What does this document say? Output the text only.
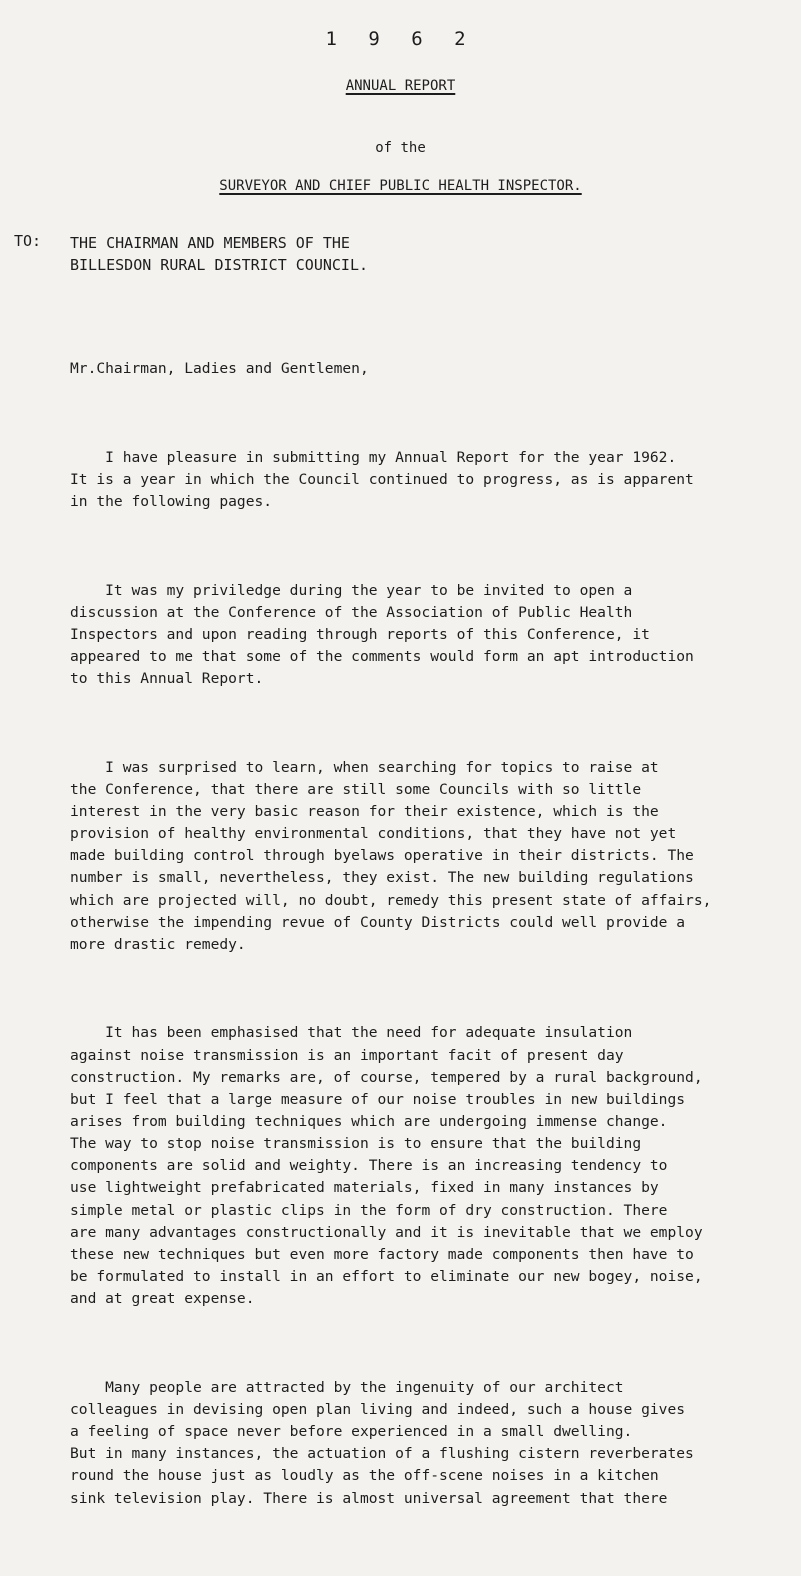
1 9 6 2
ANNUAL REPORT
of the
SURVEYOR AND CHIEF PUBLIC HEALTH INSPECTOR.
TO: THE CHAIRMAN AND MEMBERS OF THE
BILLESDON RURAL DISTRICT COUNCIL.

Mr.Chairman, Ladies and Gentlemen,

I have pleasure in submitting my Annual Report for the year 1962.
It is a year in which the Council continued to progress, as is apparent
in the following pages.

It was my priviledge during the year to be invited to open a
discussion at the Conference of the Association of Public Health
Inspectors and upon reading through reports of this Conference, it
appeared to me that some of the comments would form an apt introduction
to this Annual Report.

I was surprised to learn, when searching for topics to raise at
the Conference, that there are still some Councils with so little
interest in the very basic reason for their existence, which is the
provision of healthy environmental conditions, that they have not yet
made building control through byelaws operative in their districts. The
number is small, nevertheless, they exist. The new building regulations
which are projected will, no doubt, remedy this present state of affairs,
otherwise the impending revue of County Districts could well provide a
more drastic remedy.

It has been emphasised that the need for adequate insulation
against noise transmission is an important facit of present day
construction. My remarks are, of course, tempered by a rural background,
but I feel that a large measure of our noise troubles in new buildings
arises from building techniques which are undergoing immense change.
The way to stop noise transmission is to ensure that the building
components are solid and weighty. There is an increasing tendency to
use lightweight prefabricated materials, fixed in many instances by
simple metal or plastic clips in the form of dry construction. There
are many advantages constructionally and it is inevitable that we employ
these new techniques but even more factory made components then have to
be formulated to install in an effort to eliminate our new bogey, noise,
and at great expense.

Many people are attracted by the ingenuity of our architect
colleagues in devising open plan living and indeed, such a house gives
a feeling of space never before experienced in a small dwelling.
But in many instances, the actuation of a flushing cistern reverberates
round the house just as loudly as the off-scene noises in a kitchen
sink television play. There is almost universal agreement that there
